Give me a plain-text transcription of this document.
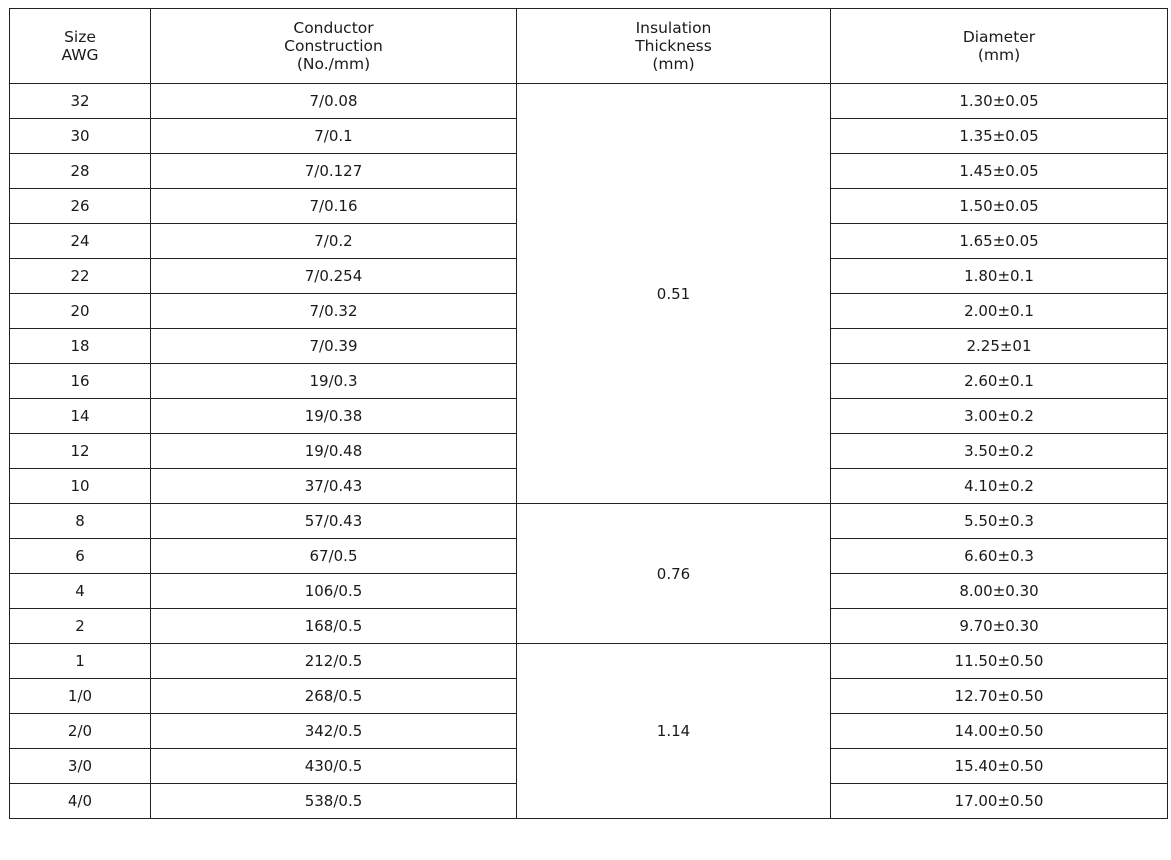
Size
AWG	Conductor
Construction
(No./mm)	Insulation
Thickness
(mm)	Diameter
(mm)

32	7/0.08	0.51	1.30±0.05
30	7/0.1		1.35±0.05
28	7/0.127		1.45±0.05
26	7/0.16		1.50±0.05
24	7/0.2		1.65±0.05
22	7/0.254		1.80±0.1
20	7/0.32		2.00±0.1
18	7/0.39		2.25±01
16	19/0.3		2.60±0.1
14	19/0.38		3.00±0.2
12	19/0.48		3.50±0.2
10	37/0.43		4.10±0.2
8	57/0.43	0.76	5.50±0.3
6	67/0.5		6.60±0.3
4	106/0.5		8.00±0.30
2	168/0.5		9.70±0.30
1	212/0.5	1.14	11.50±0.50
1/0	268/0.5		12.70±0.50
2/0	342/0.5		14.00±0.50
3/0	430/0.5		15.40±0.50
4/0	538/0.5		17.00±0.50
